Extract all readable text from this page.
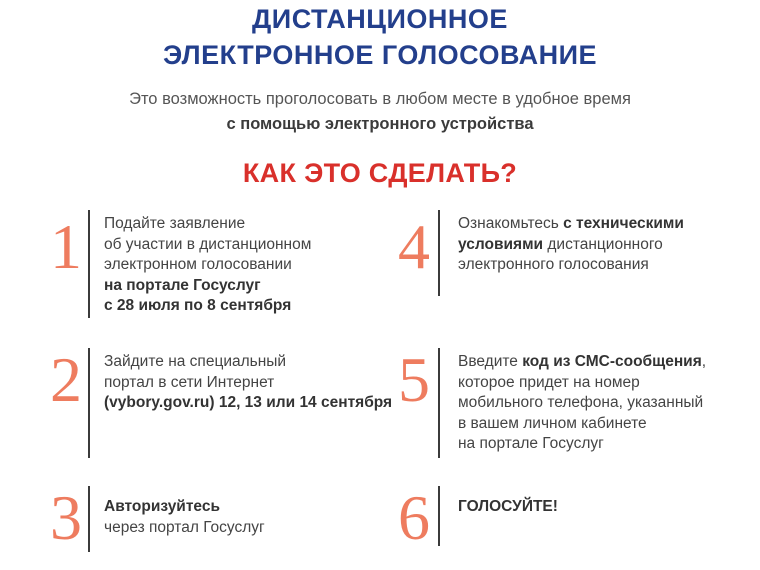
ДИСТАНЦИОННОЕ
ЭЛЕКТРОННОЕ ГОЛОСОВАНИЕ
Это возможность проголосовать в любом месте в удобное время
с помощью электронного устройства
КАК ЭТО СДЕЛАТЬ?
1 Подайте заявление
об участии в дистанционном
электронном голосовании
на портале Госуслуг
с 28 июля по 8 сентября
2 Зайдите на специальный
портал в сети Интернет
(vybory.gov.ru) 12, 13 или 14 сентября
3 Авторизуйтесь
через портал Госуслуг
4 Ознакомьтесь с техническими
условиями дистанционного
электронного голосования
5 Введите код из СМС-сообщения,
которое придет на номер
мобильного телефона, указанный
в вашем личном кабинете
на портале Госуслуг
6 ГОЛОСУЙТЕ!
